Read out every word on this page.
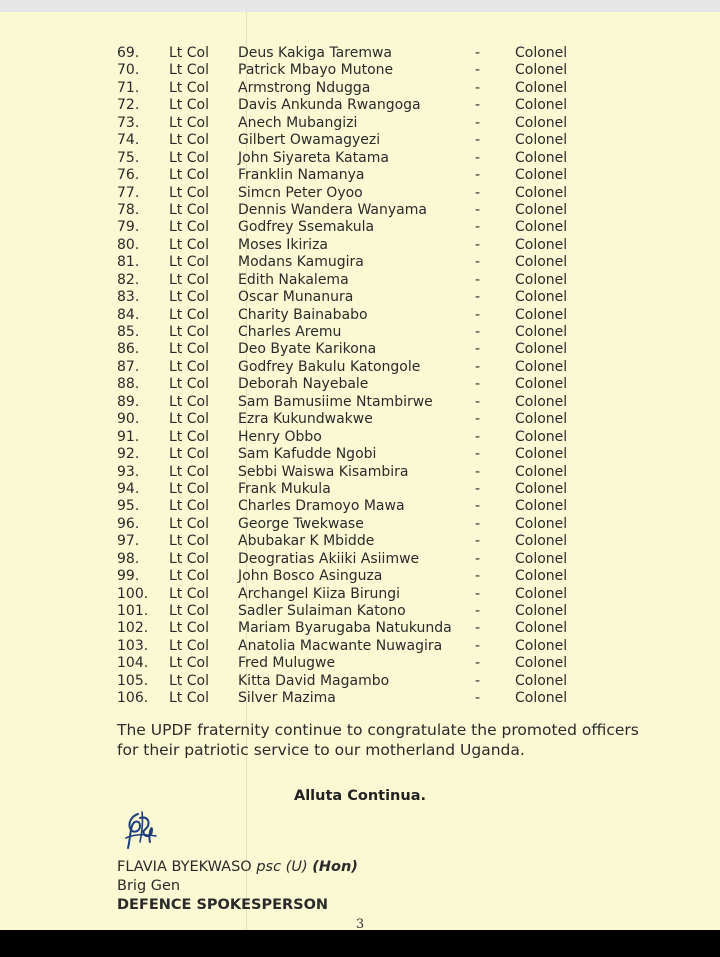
69. Lt Col Deus Kakiga Taremwa	- Colonel
70. Lt Col Patrick Mbayo Mutone	- Colonel
71. Lt Col Armstrong Ndugga	- Colonel
72. Lt Col Davis Ankunda Rwangoga	- Colonel
73. Lt Col Anech Mubangizi	- Colonel
74. Lt Col Gilbert Owamagyezi	- Colonel
75. Lt Col John Siyareta Katama	- Colonel
76. Lt Col Franklin Namanya	- Colonel
77. Lt Col Simcn Peter Oyoo	- Colonel
78. Lt Col Dennis Wandera Wanyama	- Colonel
79. Lt Col Godfrey Ssemakula	- Colonel
80. Lt Col Moses Ikiriza	- Colonel
81. Lt Col Modans Kamugira	- Colonel
82. Lt Col Edith Nakalema	- Colonel
83. Lt Col Oscar Munanura	- Colonel
84. Lt Col Charity Bainababo	- Colonel
85. Lt Col Charles Aremu	- Colonel
86. Lt Col Deo Byate Karikona	- Colonel
87. Lt Col Godfrey Bakulu Katongole	- Colonel
88. Lt Col Deborah Nayebale	- Colonel
89. Lt Col Sam Bamusiime Ntambirwe	- Colonel
90. Lt Col Ezra Kukundwakwe	- Colonel
91. Lt Col Henry Obbo	- Colonel
92. Lt Col Sam Kafudde Ngobi	- Colonel
93. Lt Col Sebbi Waiswa Kisambira	- Colonel
94. Lt Col Frank Mukula	- Colonel
95. Lt Col Charles Dramoyo Mawa	- Colonel
96. Lt Col George Twekwase	- Colonel
97. Lt Col Abubakar K Mbidde	- Colonel
98. Lt Col Deogratias Akiiki Asiimwe	- Colonel
99. Lt Col John Bosco Asinguza	- Colonel
100. Lt Col Archangel Kiiza Birungi	- Colonel
101. Lt Col Sadler Sulaiman Katono	- Colonel
102. Lt Col Mariam Byarugaba Natukunda - Colonel
103. Lt Col Anatolia Macwante Nuwagira - Colonel
104. Lt Col Fred Mulugwe	- Colonel
105. Lt Col Kitta David Magambo	- Colonel
106. Lt Col Silver Mazima	- Colonel
The UPDF fraternity continue to congratulate the promoted officers for their patriotic service to our motherland Uganda.
Alluta Continua.
FLAVIA BYEKWASO psc (U) (Hon)
Brig Gen
DEFENCE SPOKESPERSON
3
